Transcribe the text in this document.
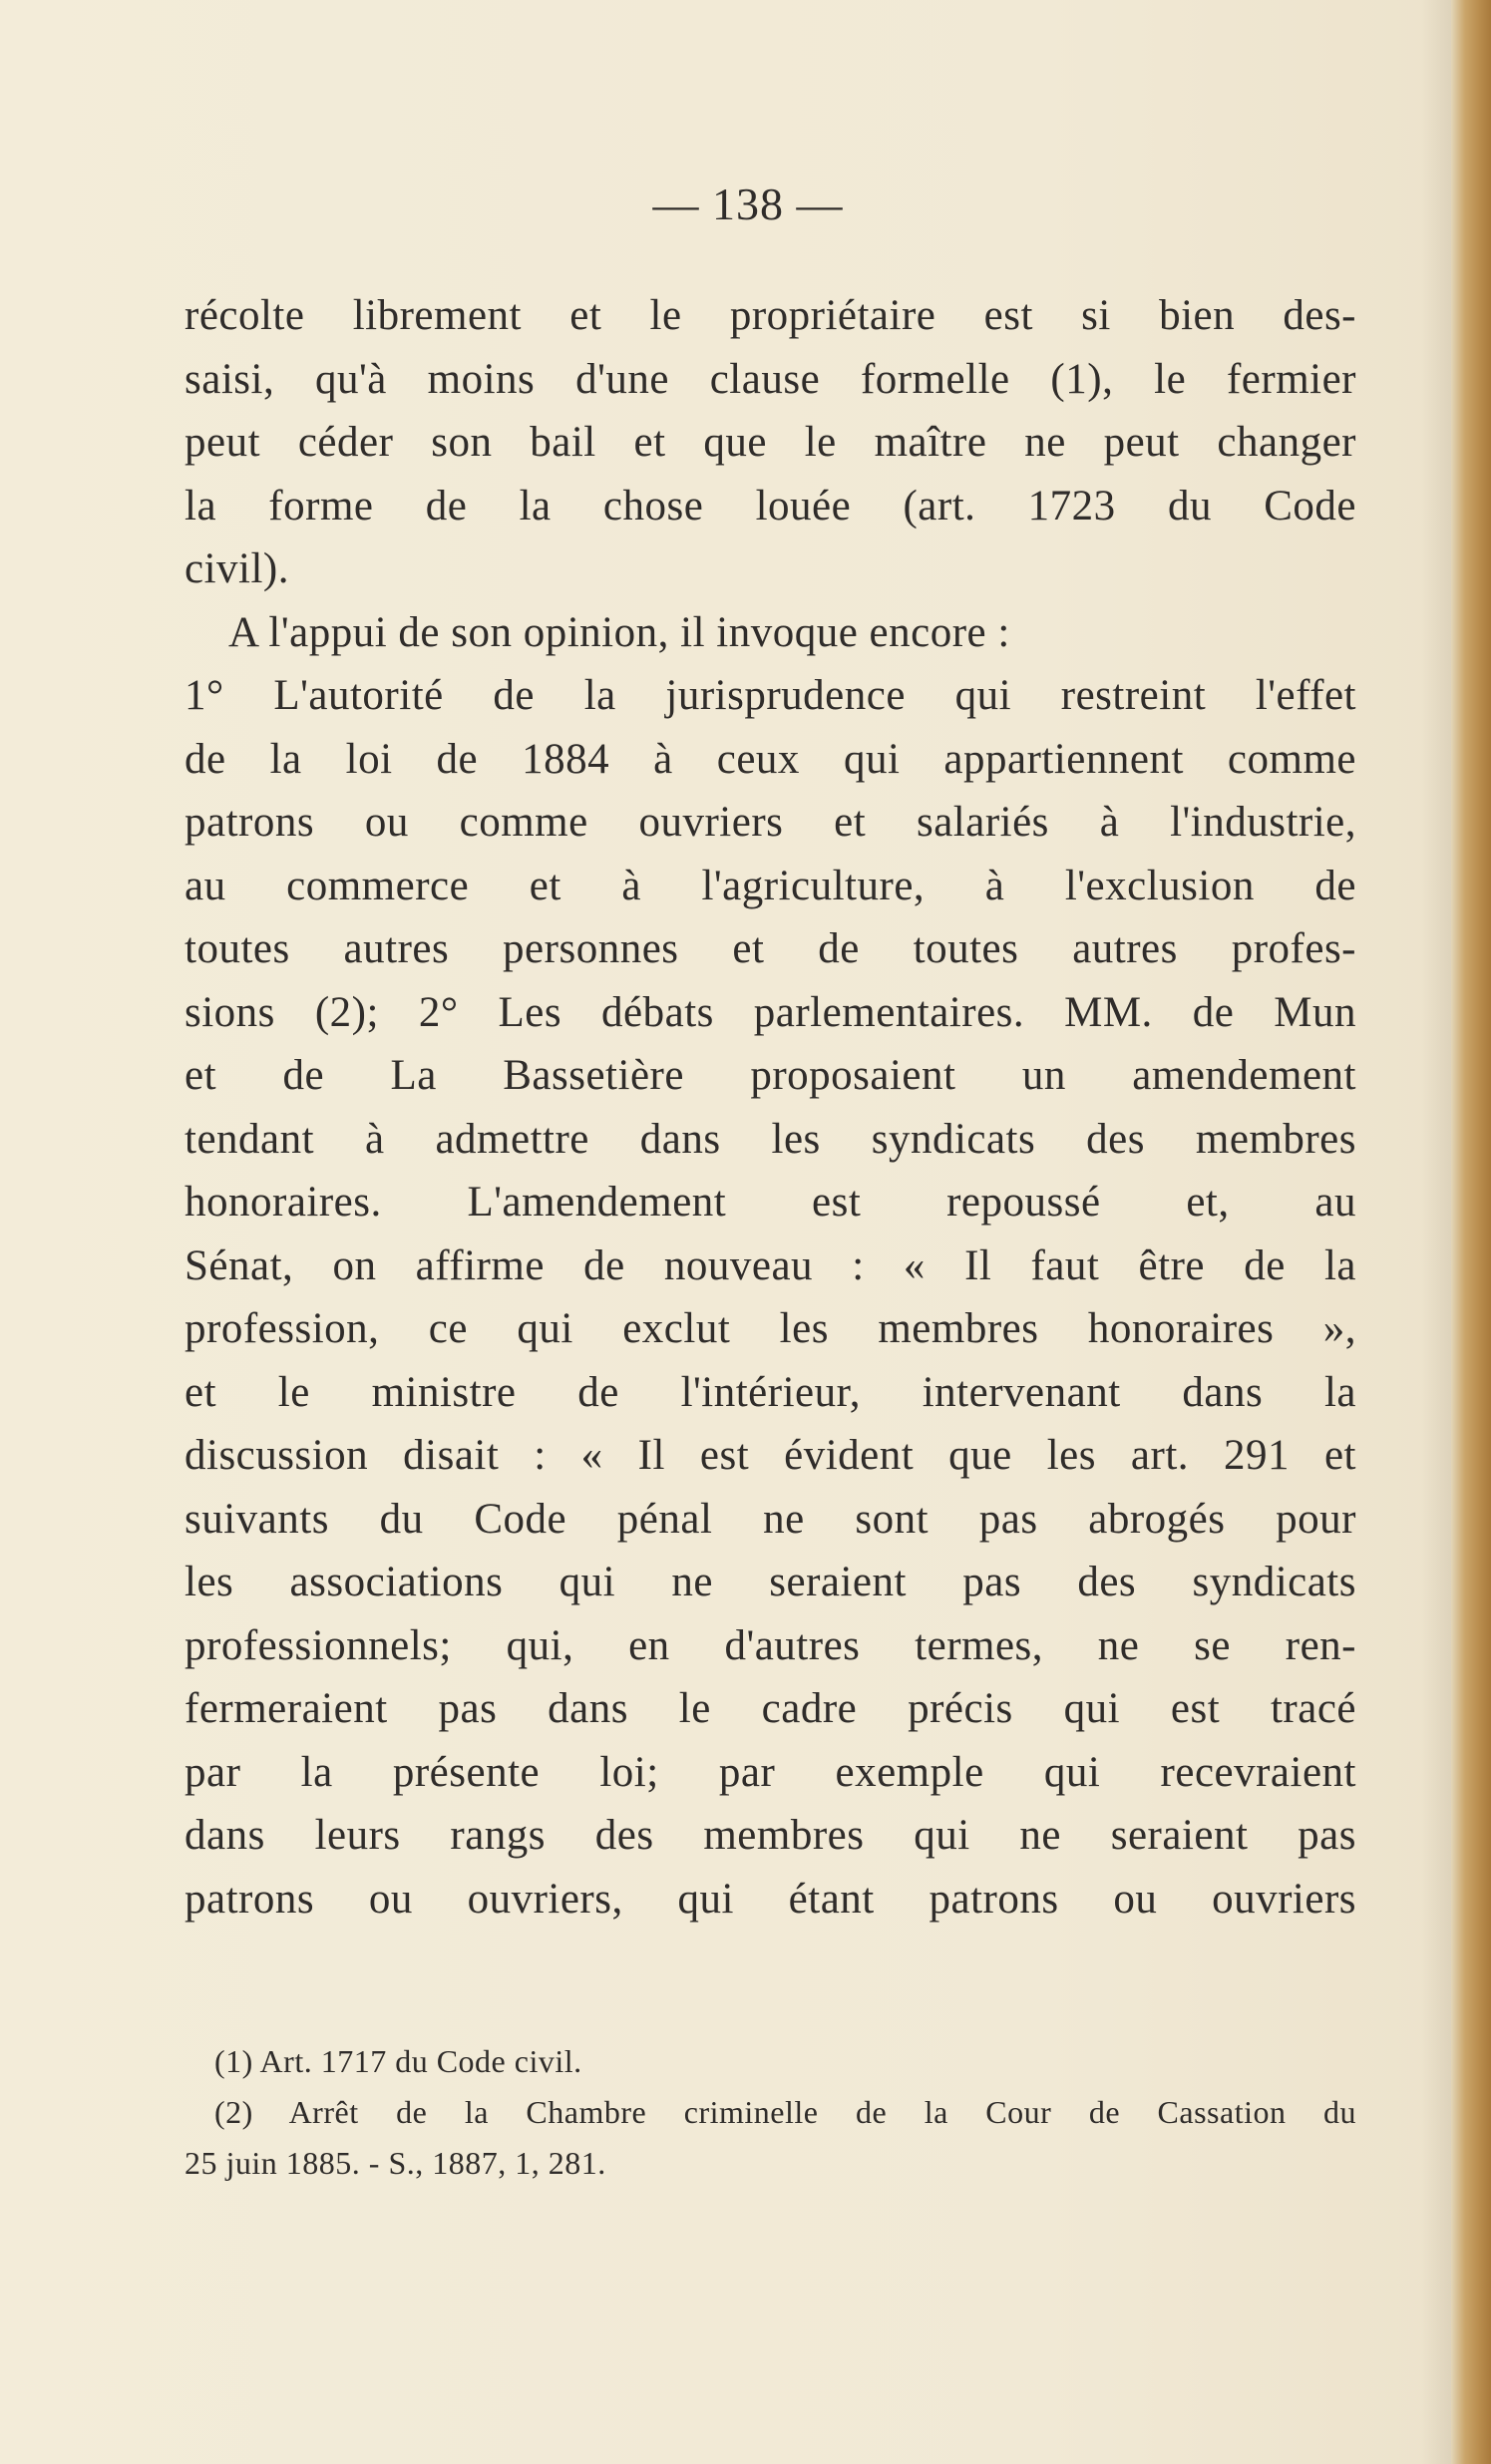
— 138 —
récolte librement et le propriétaire est si bien des-
saisi, qu'à moins d'une clause formelle (1), le fermier
peut céder son bail et que le maître ne peut changer
la forme de la chose louée (art. 1723 du Code
civil).
A l'appui de son opinion, il invoque encore :
1° L'autorité de la jurisprudence qui restreint l'effet
de la loi de 1884 à ceux qui appartiennent comme
patrons ou comme ouvriers et salariés à l'industrie,
au commerce et à l'agriculture, à l'exclusion de
toutes autres personnes et de toutes autres profes-
sions (2); 2° Les débats parlementaires. MM. de Mun
et de La Bassetière proposaient un amendement
tendant à admettre dans les syndicats des membres
honoraires. L'amendement est repoussé et, au
Sénat, on affirme de nouveau : « Il faut être de la
profession, ce qui exclut les membres honoraires »,
et le ministre de l'intérieur, intervenant dans la
discussion disait : « Il est évident que les art. 291 et
suivants du Code pénal ne sont pas abrogés pour
les associations qui ne seraient pas des syndicats
professionnels; qui, en d'autres termes, ne se ren-
fermeraient pas dans le cadre précis qui est tracé
par la présente loi; par exemple qui recevraient
dans leurs rangs des membres qui ne seraient pas
patrons ou ouvriers, qui étant patrons ou ouvriers
(1) Art. 1717 du Code civil.
(2) Arrêt de la Chambre criminelle de la Cour de Cassation du
25 juin 1885. - S., 1887, 1, 281.
